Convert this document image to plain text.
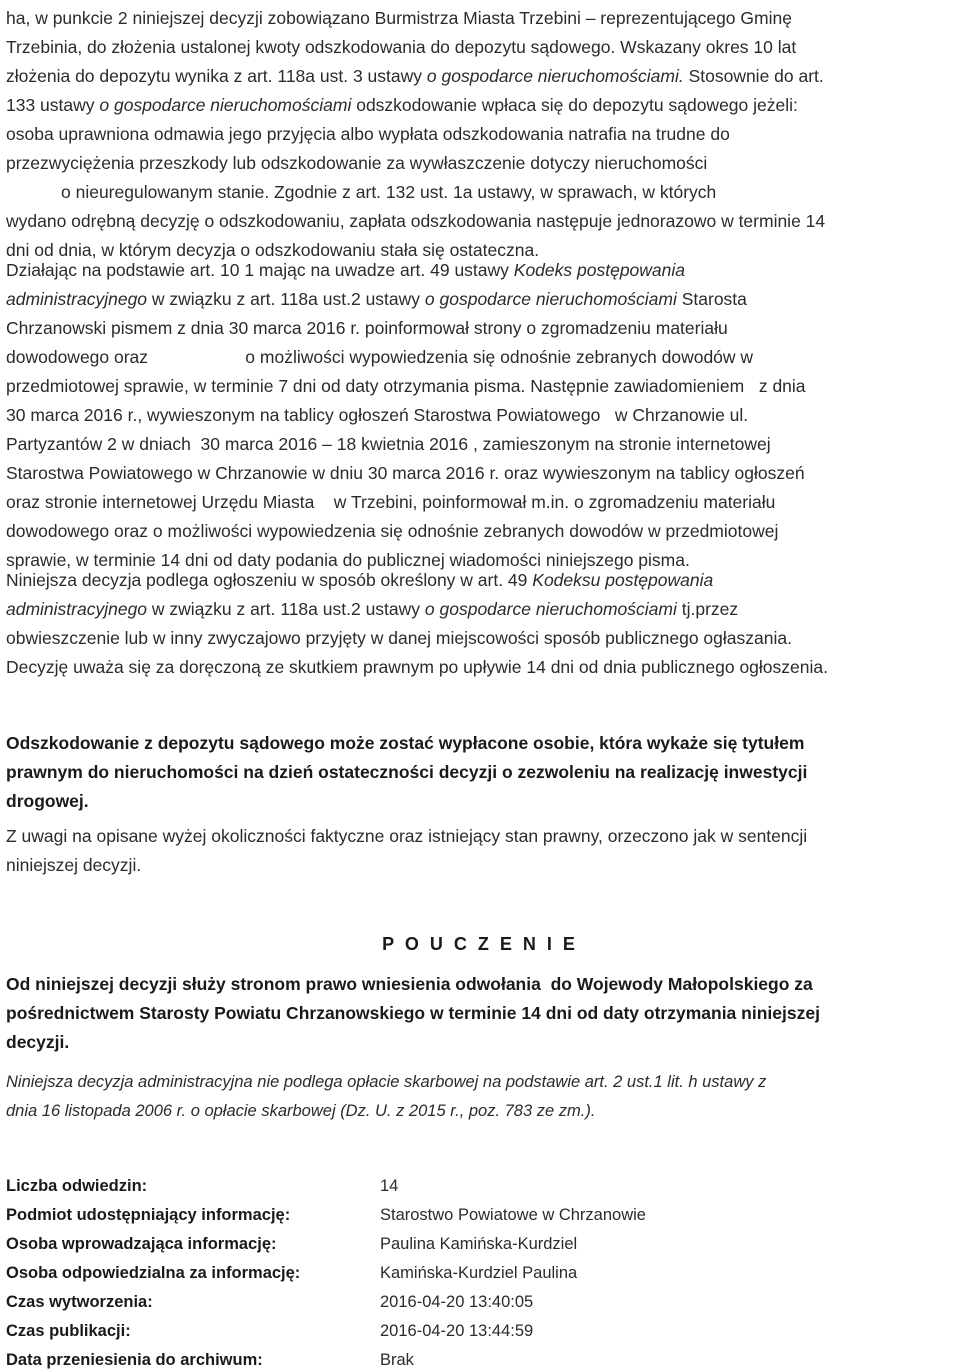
ha, w punkcie 2 niniejszej decyzji zobowiązano Burmistrza Miasta Trzebini – reprezentującego Gminę
Trzebinia, do złożenia ustalonej kwoty odszkodowania do depozytu sądowego. Wskazany okres 10 lat
złożenia do depozytu wynika z art. 118a ust. 3 ustawy o gospodarce nieruchomościami. Stosownie do art.
133 ustawy o gospodarce nieruchomościami odszkodowanie wpłaca się do depozytu sądowego jeżeli:
osoba uprawniona odmawia jego przyjęcia albo wypłata odszkodowania natrafia na trudne do
przezwyciężenia przeszkody lub odszkodowanie za wywłaszczenie dotyczy nieruchomości
o nieuregulowanym stanie. Zgodnie z art. 132 ust. 1a ustawy, w sprawach, w których
wydano odrębną decyzję o odszkodowaniu, zapłata odszkodowania następuje jednorazowo w terminie 14
dni od dnia, w którym decyzja o odszkodowaniu stała się ostateczna.
Działając na podstawie art. 10 1 mając na uwadze art. 49 ustawy Kodeks postępowania
administracyjnego w związku z art. 118a ust.2 ustawy o gospodarce nieruchomościami Starosta
Chrzanowski pismem z dnia 30 marca 2016 r. poinformował strony o zgromadzeniu materiału
dowodowego oraz                    o możliwości wypowiedzenia się odnośnie zebranych dowodów w
przedmiotowej sprawie, w terminie 7 dni od daty otrzymania pisma. Następnie zawiadomieniem   z dnia
30 marca 2016 r., wywieszonym na tablicy ogłoszeń Starostwa Powiatowego   w Chrzanowie ul.
Partyzantów 2 w dniach  30 marca 2016 – 18 kwietnia 2016 , zamieszonym na stronie internetowej
Starostwa Powiatowego w Chrzanowie w dniu 30 marca 2016 r. oraz wywieszonym na tablicy ogłoszeń
oraz stronie internetowej Urzędu Miasta    w Trzebini, poinformował m.in. o zgromadzeniu materiału
dowodowego oraz o możliwości wypowiedzenia się odnośnie zebranych dowodów w przedmiotowej
sprawie, w terminie 14 dni od daty podania do publicznej wiadomości niniejszego pisma.
Niniejsza decyzja podlega ogłoszeniu w sposób określony w art. 49 Kodeksu postępowania
administracyjnego w związku z art. 118a ust.2 ustawy o gospodarce nieruchomościami tj.przez
obwieszczenie lub w inny zwyczajowo przyjęty w danej miejscowości sposób publicznego ogłaszania.
Decyzję uważa się za doręczoną ze skutkiem prawnym po upływie 14 dni od dnia publicznego ogłoszenia.
Odszkodowanie z depozytu sądowego może zostać wypłacone osobie, która wykaże się tytułem
prawnym do nieruchomości na dzień ostateczności decyzji o zezwoleniu na realizację inwestycji
drogowej.
Z uwagi na opisane wyżej okoliczności faktyczne oraz istniejący stan prawny, orzeczono jak w sentencji
niniejszej decyzji.
P O U C Z E N I E
Od niniejszej decyzji służy stronom prawo wniesienia odwołania  do Wojewody Małopolskiego za
pośrednictwem Starosty Powiatu Chrzanowskiego w terminie 14 dni od daty otrzymania niniejszej
decyzji.
Niniejsza decyzja administracyjna nie podlega opłacie skarbowej na podstawie art. 2 ust.1 lit. h ustawy z
dnia 16 listopada 2006 r. o opłacie skarbowej (Dz. U. z 2015 r., poz. 783 ze zm.).
Liczba odwiedzin:	14
Podmiot udostępniający informację:	Starostwo Powiatowe w Chrzanowie
Osoba wprowadzająca informację:	Paulina Kamińska-Kurdziel
Osoba odpowiedzialna za informację:	Kamińska-Kurdziel Paulina
Czas wytworzenia:	2016-04-20 13:40:05
Czas publikacji:	2016-04-20 13:44:59
Data przeniesienia do archiwum:	Brak
